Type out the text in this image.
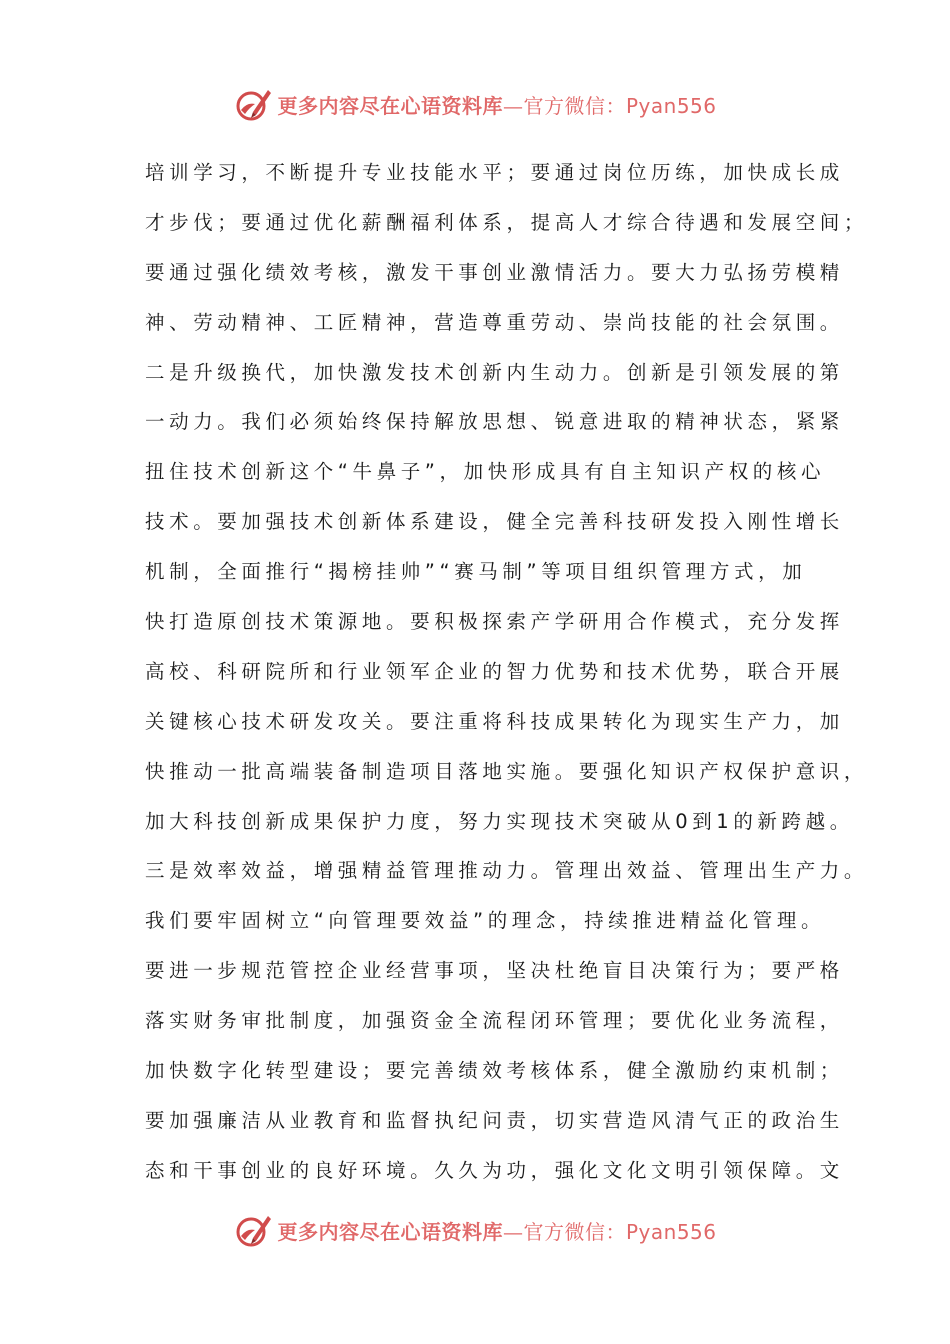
更多内容尽在心语资料库—官方微信：Pyan556
培训学习，不断提升专业技能水平；要通过岗位历练，加快成长成
才步伐；要通过优化薪酬福利体系，提高人才综合待遇和发展空间；
要通过强化绩效考核，激发干事创业激情活力。要大力弘扬劳模精
神、劳动精神、工匠精神，营造尊重劳动、崇尚技能的社会氛围。
二是升级换代，加快激发技术创新内生动力。创新是引领发展的第
一动力。我们必须始终保持解放思想、锐意进取的精神状态，紧紧
扭住技术创新这个“牛鼻子”，加快形成具有自主知识产权的核心
技术。要加强技术创新体系建设，健全完善科技研发投入刚性增长
机制，全面推行“揭榜挂帅”“赛马制”等项目组织管理方式，加
快打造原创技术策源地。要积极探索产学研用合作模式，充分发挥
高校、科研院所和行业领军企业的智力优势和技术优势，联合开展
关键核心技术研发攻关。要注重将科技成果转化为现实生产力，加
快推动一批高端装备制造项目落地实施。要强化知识产权保护意识，
加大科技创新成果保护力度，努力实现技术突破从0到1的新跨越。
三是效率效益，增强精益管理推动力。管理出效益、管理出生产力。
我们要牢固树立“向管理要效益”的理念，持续推进精益化管理。
要进一步规范管控企业经营事项，坚决杜绝盲目决策行为；要严格
落实财务审批制度，加强资金全流程闭环管理；要优化业务流程，
加快数字化转型建设；要完善绩效考核体系，健全激励约束机制；
要加强廉洁从业教育和监督执纪问责，切实营造风清气正的政治生
态和干事创业的良好环境。久久为功，强化文化文明引领保障。文
更多内容尽在心语资料库—官方微信：Pyan556
